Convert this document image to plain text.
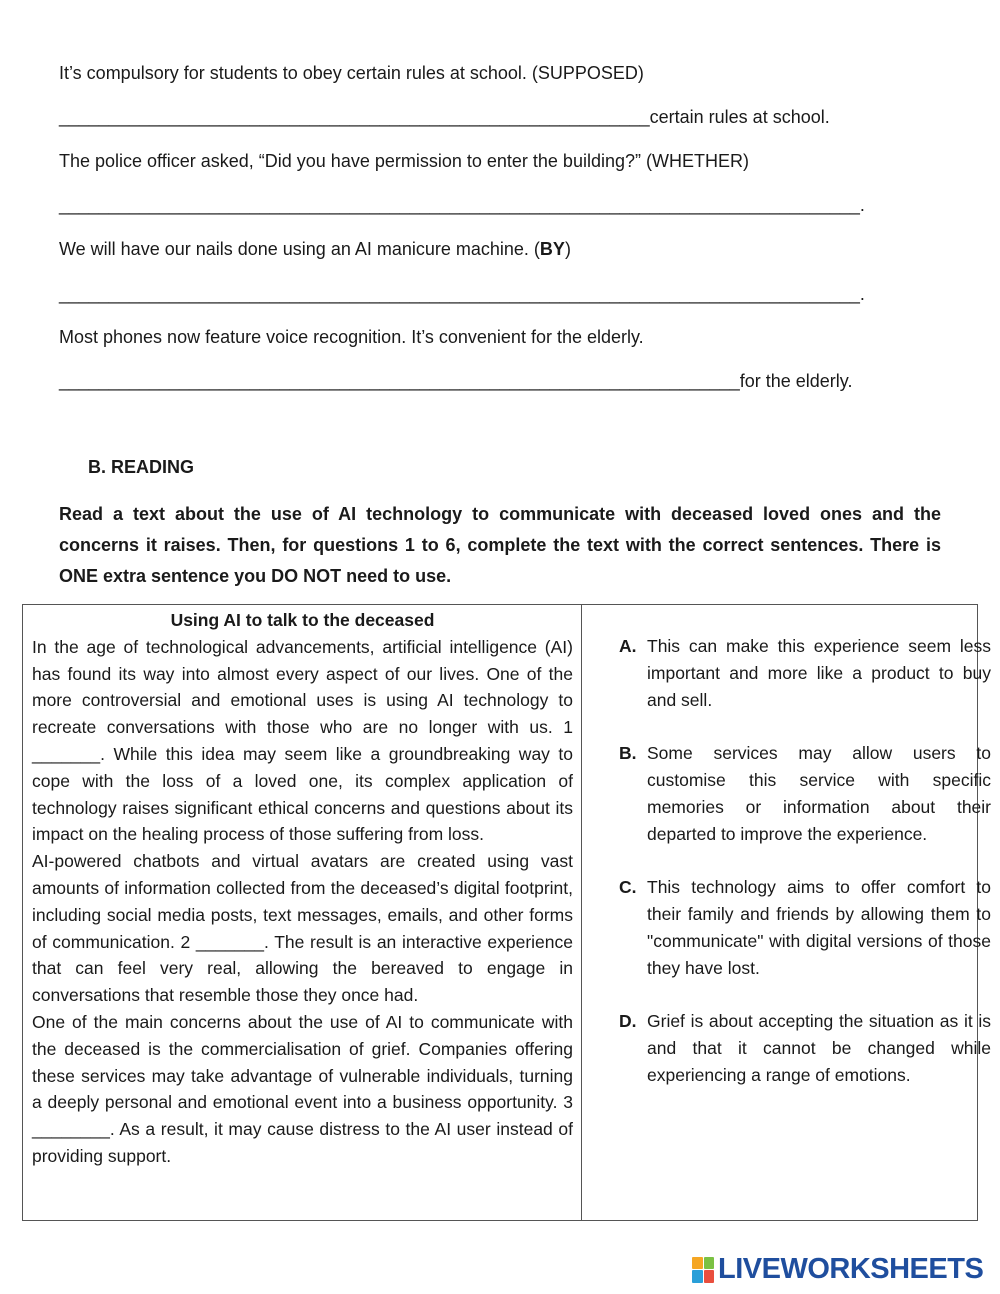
It’s compulsory for students to obey certain rules at school. (SUPPOSED)
___________________________________________________________certain rules at school.
The police officer asked, “Did you have permission to enter the building?” (WHETHER)
________________________________________________________________________________.
We will have our nails done using an AI manicure machine. (BY)
________________________________________________________________________________.
Most phones now feature voice recognition. It’s convenient for the elderly.
____________________________________________________________________for the elderly.
B. READING
Read a text about the use of AI technology to communicate with deceased loved ones and the concerns it raises. Then, for questions 1 to 6, complete the text with the correct sentences. There is ONE extra sentence you DO NOT need to use.
Using AI to talk to the deceased

In the age of technological advancements, artificial intelligence (AI) has found its way into almost every aspect of our lives. One of the more controversial and emotional uses is using AI technology to recreate conversations with those who are no longer with us. 1 _______. While this idea may seem like a groundbreaking way to cope with the loss of a loved one, its complex application of technology raises significant ethical concerns and questions about its impact on the healing process of those suffering from loss.

AI-powered chatbots and virtual avatars are created using vast amounts of information collected from the deceased’s digital footprint, including social media posts, text messages, emails, and other forms of communication. 2 _______. The result is an interactive experience that can feel very real, allowing the bereaved to engage in conversations that resemble those they once had.

One of the main concerns about the use of AI to communicate with the deceased is the commercialisation of grief. Companies offering these services may take advantage of vulnerable individuals, turning a deeply personal and emotional event into a business opportunity. 3 ________. As a result, it may cause distress to the AI user instead of providing support.

A. This can make this experience seem less important and more like a product to buy and sell.
B. Some services may allow users to customise this service with specific memories or information about their departed to improve the experience.
C. This technology aims to offer comfort to their family and friends by allowing them to "communicate" with digital versions of those they have lost.
D. Grief is about accepting the situation as it is and that it cannot be changed while experiencing a range of emotions.
LIVEWORKSHEETS
